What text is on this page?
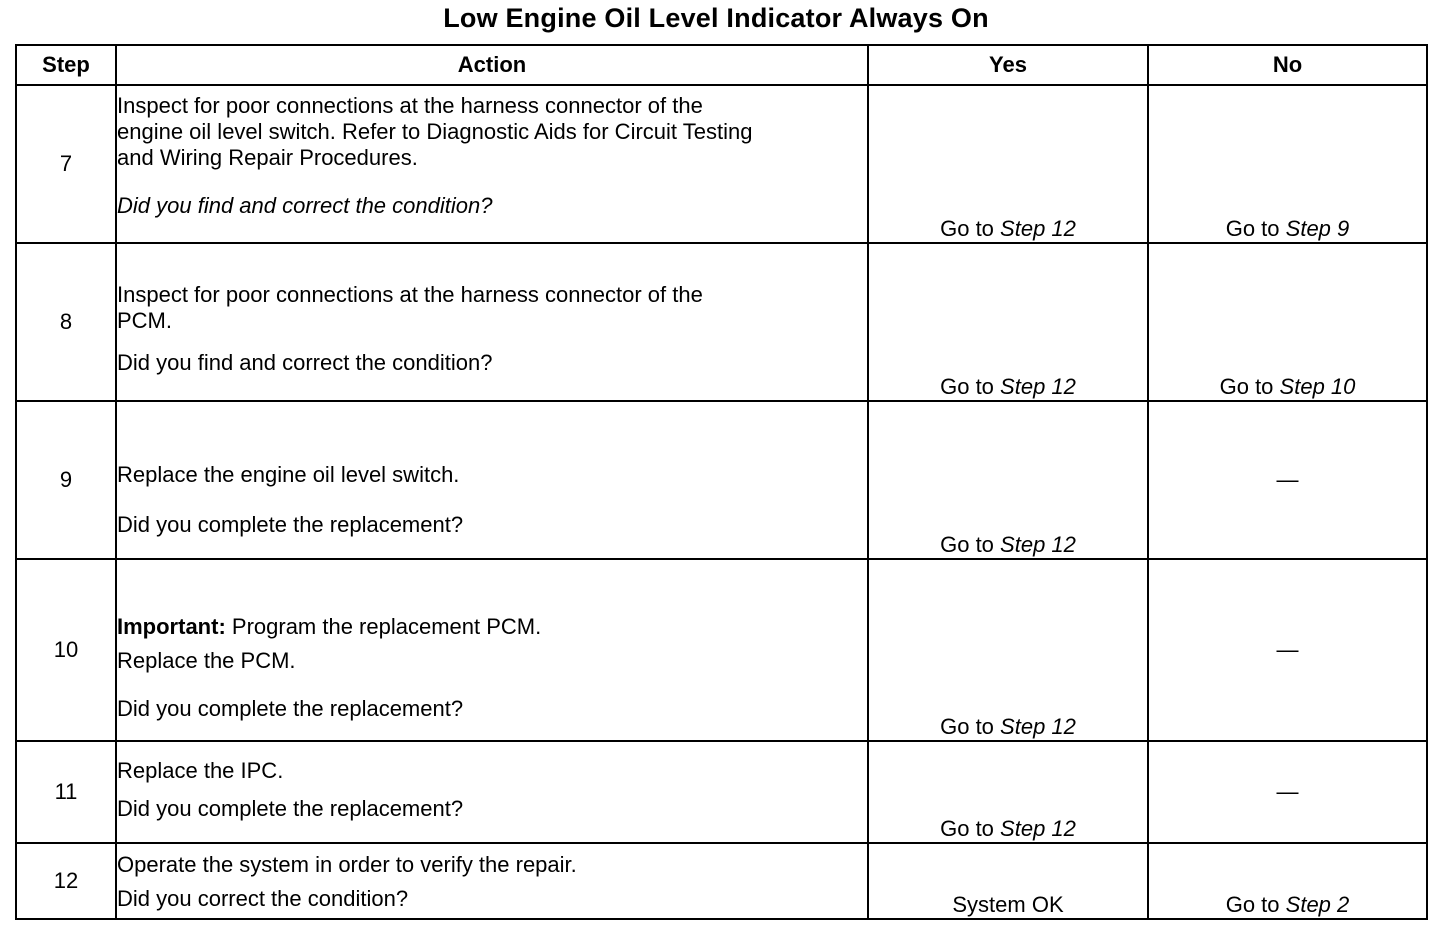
Low Engine Oil Level Indicator Always On
Step	Action	Yes	No
7	Inspect for poor connections at the harness connector of the
engine oil level switch. Refer to Diagnostic Aids for Circuit Testing
and Wiring Repair Procedures.
Did you find and correct the condition?	Go to Step 12	Go to Step 9
8	Inspect for poor connections at the harness connector of the
PCM.
Did you find and correct the condition?	Go to Step 12	Go to Step 10
9	Replace the engine oil level switch.
Did you complete the replacement?	Go to Step 12	—
10	Important: Program the replacement PCM.
Replace the PCM.
Did you complete the replacement?	Go to Step 12	—
11	Replace the IPC.
Did you complete the replacement?	Go to Step 12	—
12	Operate the system in order to verify the repair.
Did you correct the condition?	System OK	Go to Step 2
